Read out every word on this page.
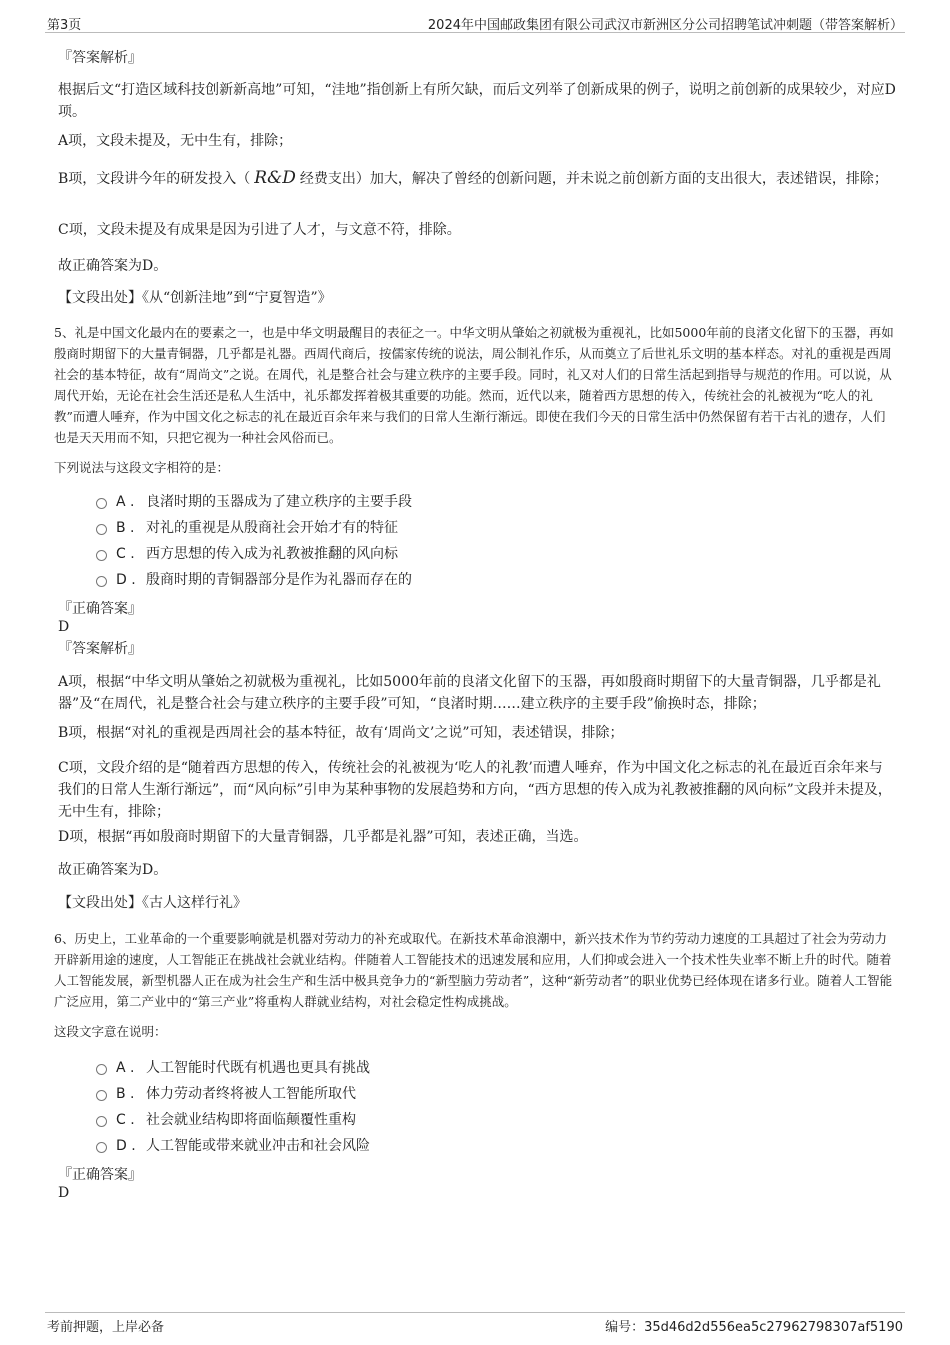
第3页	2024年中国邮政集团有限公司武汉市新洲区分公司招聘笔试冲刺题（带答案解析）

『答案解析』

根据后文“打造区域科技创新新高地”可知，“洼地”指创新上有所欠缺，而后文列举了创新成果的例子，说明之前创新的成果较少，对应D项。

A项，文段未提及，无中生有，排除；

B项，文段讲今年的研发投入（ R&D 经费支出）加大，解决了曾经的创新问题，并未说之前创新方面的支出很大，表述错误，排除；

C项，文段未提及有成果是因为引进了人才，与文意不符，排除。

故正确答案为D。

【文段出处】《从“创新洼地”到“宁夏智造”》

5、礼是中国文化最内在的要素之一，也是中华文明最醒目的表征之一。中华文明从肇始之初就极为重视礼，比如5000年前的良渚文化留下的玉器，再如殷商时期留下的大量青铜器，几乎都是礼器。西周代商后，按儒家传统的说法，周公制礼作乐，从而奠立了后世礼乐文明的基本样态。对礼的重视是西周社会的基本特征，故有“周尚文”之说。在周代，礼是整合社会与建立秩序的主要手段。同时，礼又对人们的日常生活起到指导与规范的作用。可以说，从周代开始，无论在社会生活还是私人生活中，礼乐都发挥着极其重要的功能。然而，近代以来，随着西方思想的传入，传统社会的礼被视为“吃人的礼教”而遭人唾弃，作为中国文化之标志的礼在最近百余年来与我们的日常人生渐行渐远。即使在我们今天的日常生活中仍然保留有若干古礼的遗存，人们也是天天用而不知，只把它视为一种社会风俗而已。

下列说法与这段文字相符的是：

A . 良渚时期的玉器成为了建立秩序的主要手段
B . 对礼的重视是从殷商社会开始才有的特征
C . 西方思想的传入成为礼教被推翻的风向标
D . 殷商时期的青铜器部分是作为礼器而存在的

『正确答案』

D

『答案解析』

A项，根据“中华文明从肇始之初就极为重视礼，比如5000年前的良渚文化留下的玉器，再如殷商时期留下的大量青铜器，几乎都是礼器”及“在周代，礼是整合社会与建立秩序的主要手段”可知，“良渚时期……建立秩序的主要手段”偷换时态，排除；

B项，根据“对礼的重视是西周社会的基本特征，故有‘周尚文’之说”可知，表述错误，排除；

C项，文段介绍的是“随着西方思想的传入，传统社会的礼被视为‘吃人的礼教’而遭人唾弃，作为中国文化之标志的礼在最近百余年来与我们的日常人生渐行渐远”，而“风向标”引申为某种事物的发展趋势和方向，“西方思想的传入成为礼教被推翻的风向标”文段并未提及，无中生有，排除；

D项，根据“再如殷商时期留下的大量青铜器，几乎都是礼器”可知，表述正确，当选。

故正确答案为D。

【文段出处】《古人这样行礼》

6、历史上，工业革命的一个重要影响就是机器对劳动力的补充或取代。在新技术革命浪潮中，新兴技术作为节约劳动力速度的工具超过了社会为劳动力开辟新用途的速度，人工智能正在挑战社会就业结构。伴随着人工智能技术的迅速发展和应用，人们抑或会进入一个技术性失业率不断上升的时代。随着人工智能发展，新型机器人正在成为社会生产和生活中极具竞争力的“新型脑力劳动者”，这种“新劳动者”的职业优势已经体现在诸多行业。随着人工智能广泛应用，第二产业中的“第三产业”将重构人群就业结构，对社会稳定性构成挑战。

这段文字意在说明：

A . 人工智能时代既有机遇也更具有挑战
B . 体力劳动者终将被人工智能所取代
C . 社会就业结构即将面临颠覆性重构
D . 人工智能或带来就业冲击和社会风险

『正确答案』

D

考前押题，上岸必备	编号：35d46d2d556ea5c27962798307af5190
